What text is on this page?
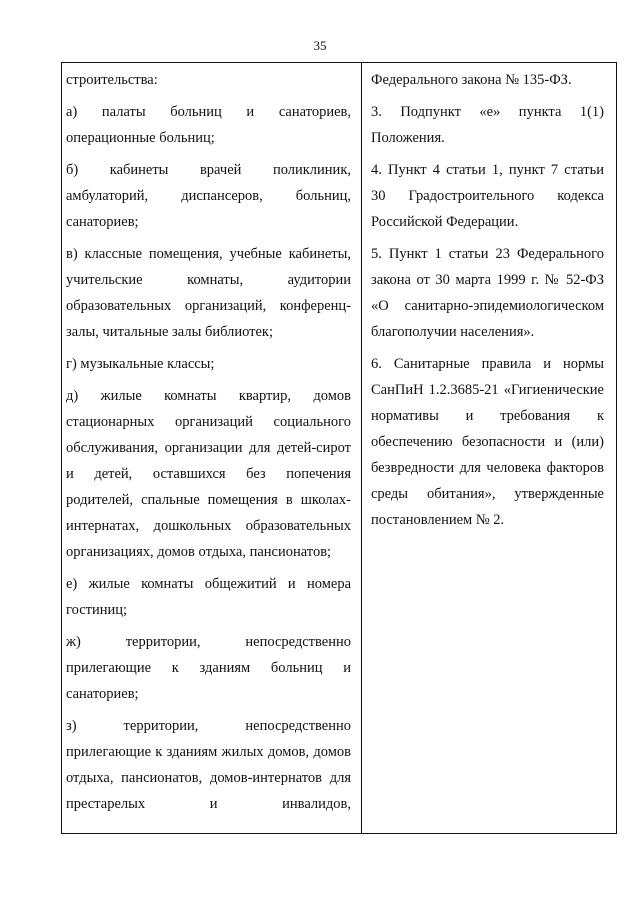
35

строительства:

а) палаты больниц и санаториев, операционные больниц;

б) кабинеты врачей поликлиник, амбулаторий, диспансеров, больниц, санаториев;

в) классные помещения, учебные кабинеты, учительские комнаты, аудитории образовательных организаций, конференц-залы, читальные залы библиотек;

г) музыкальные классы;

д) жилые комнаты квартир, домов стационарных организаций социального обслуживания, организации для детей-сирот и детей, оставшихся без попечения родителей, спальные помещения в школах-интернатах, дошкольных образовательных организациях, домов отдыха, пансионатов;

е) жилые комнаты общежитий и номера гостиниц;

ж) территории, непосредственно прилегающие к зданиям больниц и санаториев;

з) территории, непосредственно прилегающие к зданиям жилых домов, домов отдыха, пансионатов, домов-интернатов для престарелых и инвалидов,

Федерального закона № 135-ФЗ.

3. Подпункт «е» пункта 1(1) Положения.

4. Пункт 4 статьи 1, пункт 7 статьи 30 Градостроительного кодекса Российской Федерации.

5. Пункт 1 статьи 23 Федерального закона от 30 марта 1999 г. № 52-ФЗ «О санитарно-эпидемиологическом благополучии населения».

6. Санитарные правила и нормы СанПиН 1.2.3685-21 «Гигиенические нормативы и требования к обеспечению безопасности и (или) безвредности для человека факторов среды обитания», утвержденные постановлением № 2.
